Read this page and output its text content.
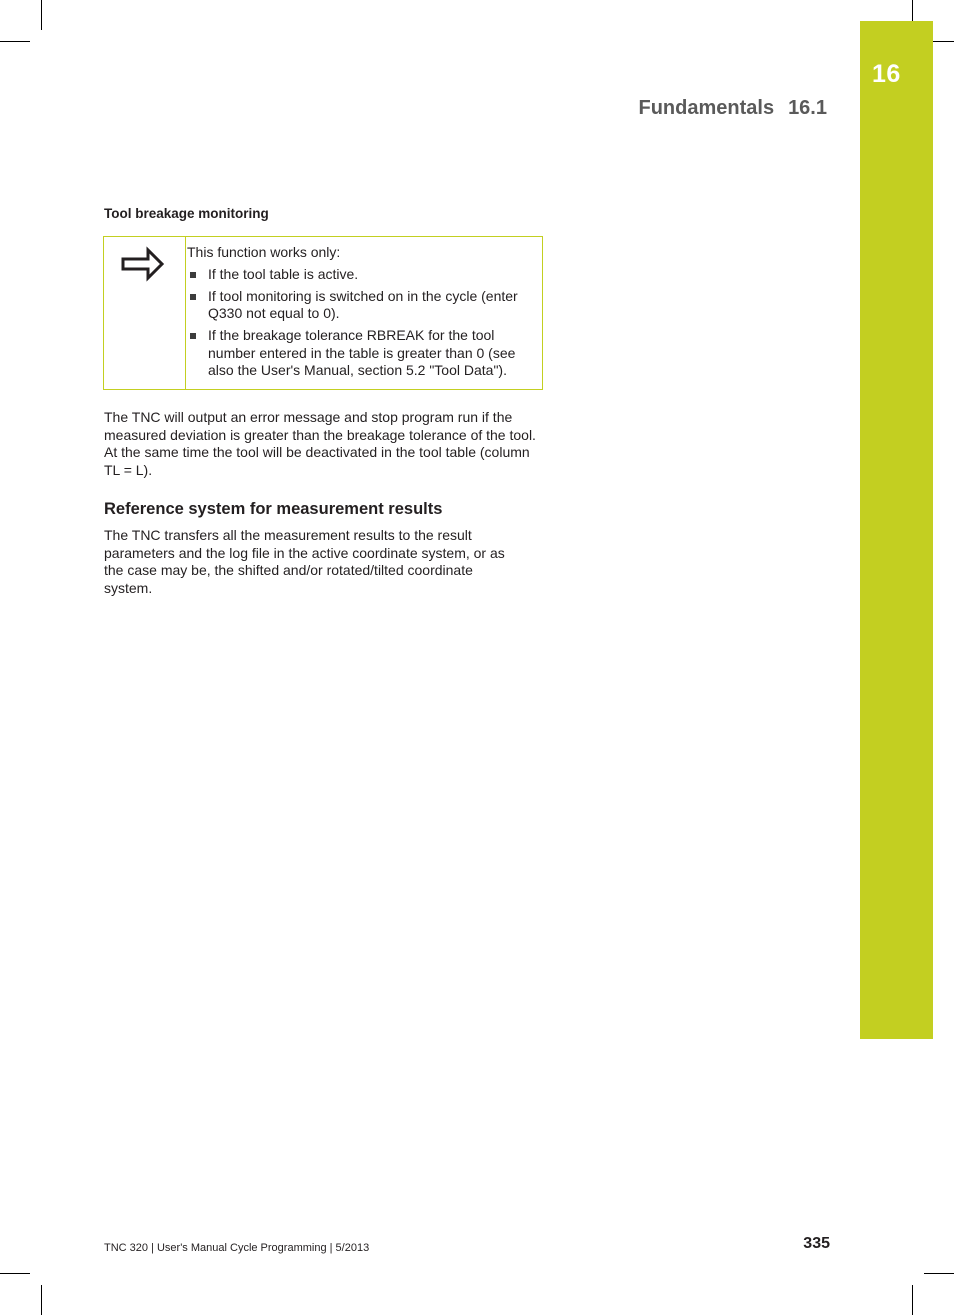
16
Fundamentals 16.1
Tool breakage monitoring
This function works only:
If the tool table is active.
If tool monitoring is switched on in the cycle (enter Q330 not equal to 0).
If the breakage tolerance RBREAK for the tool number entered in the table is greater than 0 (see also the User's Manual, section 5.2 "Tool Data").
The TNC will output an error message and stop program run if the measured deviation is greater than the breakage tolerance of the tool. At the same time the tool will be deactivated in the tool table (column TL = L).
Reference system for measurement results
The TNC transfers all the measurement results to the result parameters and the log file in the active coordinate system, or as the case may be, the shifted and/or rotated/tilted coordinate system.
TNC 320 | User's Manual Cycle Programming | 5/2013	335
